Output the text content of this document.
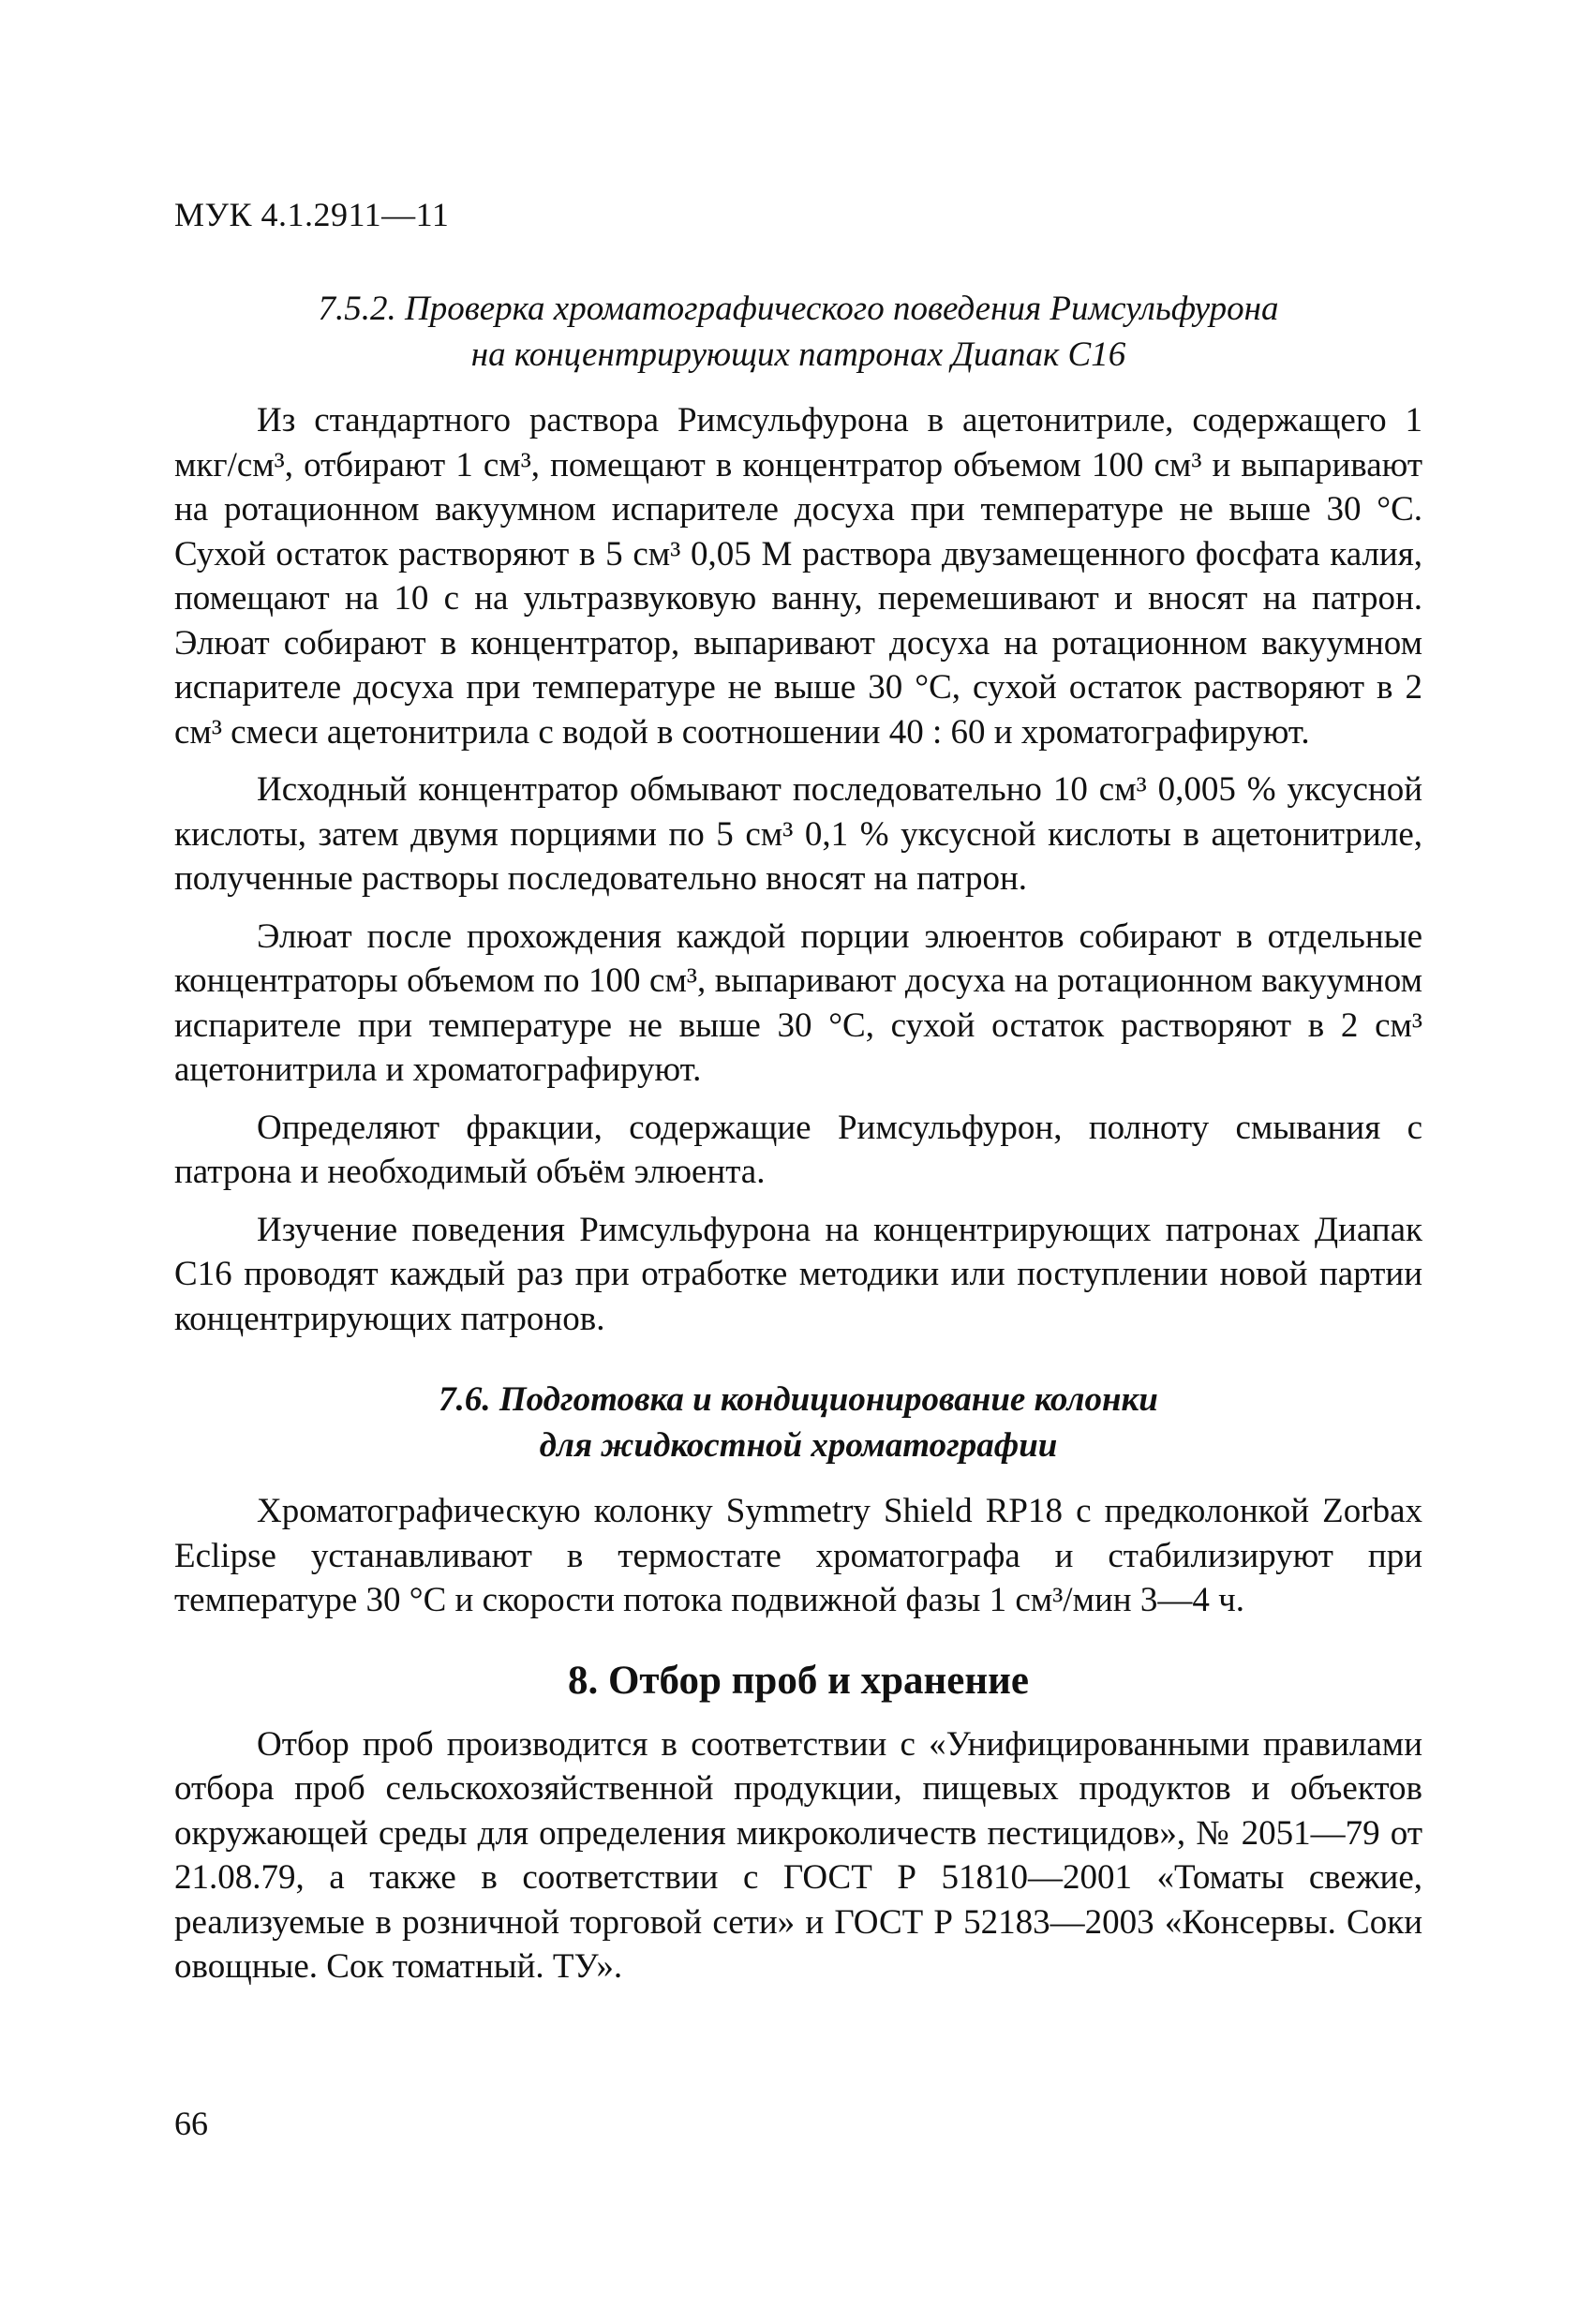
МУК 4.1.2911—11
7.5.2. Проверка хроматографического поведения Римсульфурона
на концентрирующих патронах Диапак С16

Из стандартного раствора Римсульфурона в ацетонитриле, содержащего 1 мкг/см³, отбирают 1 см³, помещают в концентратор объемом 100 см³ и выпаривают на ротационном вакуумном испарителе досуха при температуре не выше 30 °С. Сухой остаток растворяют в 5 см³ 0,05 М раствора двузамещенного фосфата калия, помещают на 10 с на ультразвуковую ванну, перемешивают и вносят на патрон. Элюат собирают в концентратор, выпаривают досуха на ротационном вакуумном испарителе досуха при температуре не выше 30 °С, сухой остаток растворяют в 2 см³ смеси ацетонитрила с водой в соотношении 40 : 60 и хроматографируют.

Исходный концентратор обмывают последовательно 10 см³ 0,005 % уксусной кислоты, затем двумя порциями по 5 см³ 0,1 % уксусной кислоты в ацетонитриле, полученные растворы последовательно вносят на патрон.

Элюат после прохождения каждой порции элюентов собирают в отдельные концентраторы объемом по 100 см³, выпаривают досуха на ротационном вакуумном испарителе при температуре не выше 30 °С, сухой остаток растворяют в 2 см³ ацетонитрила и хроматографируют.

Определяют фракции, содержащие Римсульфурон, полноту смывания с патрона и необходимый объём элюента.

Изучение поведения Римсульфурона на концентрирующих патронах Диапак С16 проводят каждый раз при отработке методики или поступлении новой партии концентрирующих патронов.

7.6. Подготовка и кондиционирование колонки
для жидкостной хроматографии

Хроматографическую колонку Symmetry Shield RP18 с предколонкой Zorbax Eclipse устанавливают в термостате хроматографа и стабилизируют при температуре 30 °С и скорости потока подвижной фазы 1 см³/мин 3—4 ч.

8. Отбор проб и хранение

Отбор проб производится в соответствии с «Унифицированными правилами отбора проб сельскохозяйственной продукции, пищевых продуктов и объектов окружающей среды для определения микроколичеств пестицидов», № 2051—79 от 21.08.79, а также в соответствии с ГОСТ Р 51810—2001 «Томаты свежие, реализуемые в розничной торговой сети» и ГОСТ Р 52183—2003 «Консервы. Соки овощные. Сок томатный. ТУ».

66
